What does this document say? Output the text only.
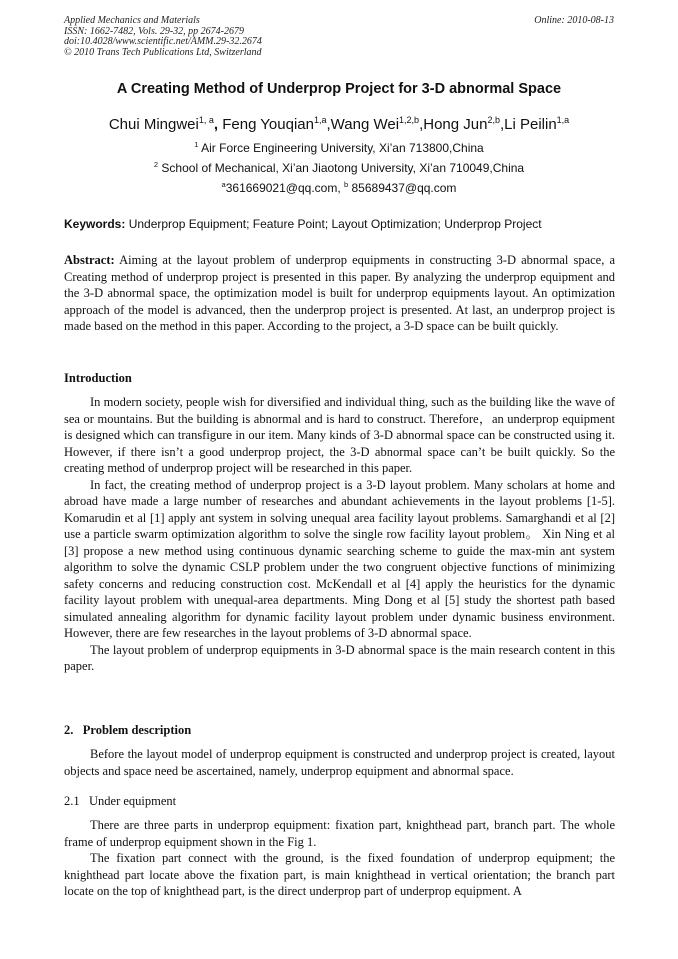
Applied Mechanics and Materials
ISSN: 1662-7482, Vols. 29-32, pp 2674-2679
doi:10.4028/www.scientific.net/AMM.29-32.2674
© 2010 Trans Tech Publications Ltd, Switzerland
Online: 2010-08-13
A Creating Method of Underprop Project for 3-D abnormal Space
Chui Mingwei$^{1, a}$, Feng Youqian$^{1,a}$,Wang Wei$^{1,2,b}$,Hong Jun$^{2,b}$,Li Peilin$^{1,a}$
$^1$ Air Force Engineering University, Xi’an 713800,China
$^2$ School of Mechanical, Xi’an Jiaotong University, Xi’an 710049,China
$^a$361669021@qq.com, $^b$ 85689437@qq.com
Keywords: Underprop Equipment; Feature Point; Layout Optimization; Underprop Project
Abstract: Aiming at the layout problem of underprop equipments in constructing 3-D abnormal space, a Creating method of underprop project is presented in this paper. By analyzing the underprop equipment and the 3-D abnormal space, the optimization model is built for underprop equipments layout. An optimization approach of the model is advanced, then the underprop project is presented. At last, an underprop project is made based on the method in this paper. According to the project, a 3-D space can be built quickly.
Introduction

In modern society, people wish for diversified and individual thing, such as the building like the wave of sea or mountains. But the building is abnormal and is hard to construct. Therefore，an underprop equipment is designed which can transfigure in our item. Many kinds of 3-D abnormal space can be constructed using it. However, if there isn’t a good underprop project, the 3-D abnormal space can’t be built quickly. So the creating method of underprop project will be researched in this paper.

In fact, the creating method of underprop project is a 3-D layout problem. Many scholars at home and abroad have made a large number of researches and abundant achievements in the layout problems [1-5]. Komarudin et al [1] apply ant system in solving unequal area facility layout problems. Samarghandi et al [2] use a particle swarm optimization algorithm to solve the single row facility layout problem。 Xin Ning et al [3] propose a new method using continuous dynamic searching scheme to guide the max-min ant system algorithm to solve the dynamic CSLP problem under the two congruent objective functions of minimizing safety concerns and reducing construction cost. McKendall et al [4] apply the heuristics for the dynamic facility layout problem with unequal-area departments. Ming Dong et al [5] study the shortest path based simulated annealing algorithm for dynamic facility layout problem under dynamic business environment. However, there are few researches in the layout problems of 3-D abnormal space.

The layout problem of underprop equipments in 3-D abnormal space is the main research content in this paper.

2.   Problem description

Before the layout model of underprop equipment is constructed and underprop project is created, layout objects and space need be ascertained, namely, underprop equipment and abnormal space.

2.1   Under equipment

There are three parts in underprop equipment: fixation part, knighthead part, branch part. The whole frame of underprop equipment shown in the Fig 1.

The fixation part connect with the ground, is the fixed foundation of underprop equipment; the knighthead part locate above the fixation part, is main knighthead in vertical orientation; the branch part locate on the top of knighthead part, is the direct underprop part of underprop equipment. A
